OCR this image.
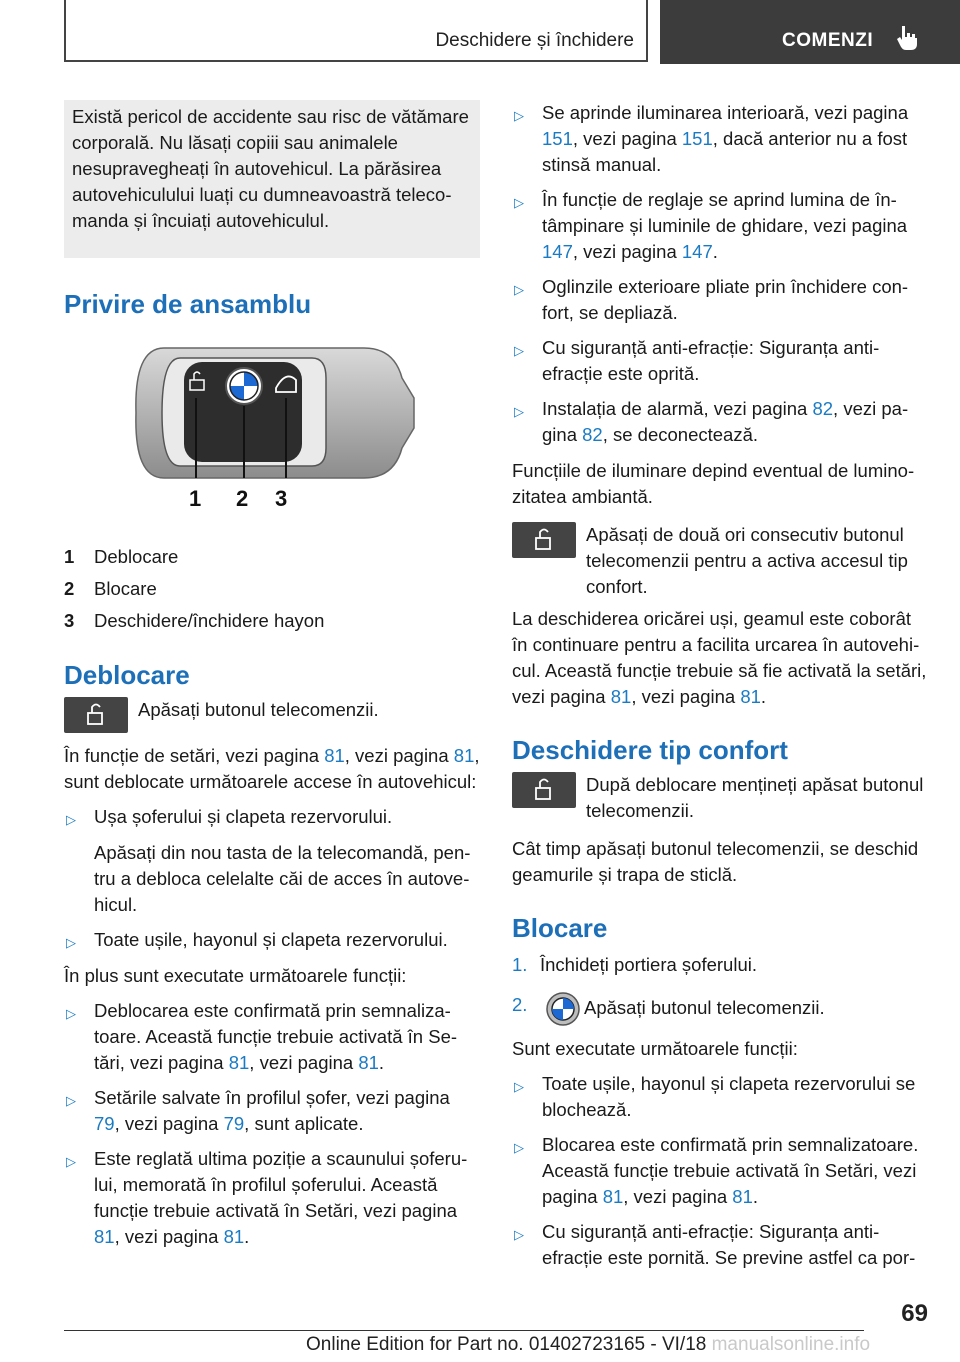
Deschidere și închidere	COMENZI
Există pericol de accidente sau risc de vătămare corporală. Nu lăsați copiii sau animalele nesupravegheați în autovehicul. La părăsirea autovehiculului luați cu dumneavoastră telecomanda și încuiați autovehiculul.
Privire de ansamblu
1 2 3
1	Deblocare
2	Blocare
3	Deschidere/închidere hayon
Deblocare
Apăsați butonul telecomenzii.

În funcție de setări, vezi pagina 81, vezi pagina 81, sunt deblocate următoarele accese în autovehicul:

▷ Ușa șoferului și clapeta rezervorului.

Apăsați din nou tasta de la telecomandă, pentru a debloca celelalte căi de acces în autovehicul.

▷ Toate ușile, hayonul și clapeta rezervorului.

În plus sunt executate următoarele funcții:

▷ Deblocarea este confirmată prin semnalizatoare. Această funcție trebuie activată în Setări, vezi pagina 81, vezi pagina 81.
▷ Setările salvate în profilul șofer, vezi pagina 79, vezi pagina 79, sunt aplicate.
▷ Este reglată ultima poziție a scaunului șoferului, memorată în profilul șoferului. Această funcție trebuie activată în Setări, vezi pagina 81, vezi pagina 81.
▷ Se aprinde iluminarea interioară, vezi pagina 151, vezi pagina 151, dacă anterior nu a fost stinsă manual.
▷ În funcție de reglaje se aprind lumina de întâmpinare și luminile de ghidare, vezi pagina 147, vezi pagina 147.
▷ Oglinzile exterioare pliate prin închidere confort, se depliază.
▷ Cu siguranță anti-efracție: Siguranța antiefracție este oprită.
▷ Instalația de alarmă, vezi pagina 82, vezi pagina 82, se deconectează.

Funcțiile de iluminare depind eventual de luminozitatea ambiantă.

Apăsați de două ori consecutiv butonul telecomenzii pentru a activa accesul tip confort.

La deschiderea oricărei uși, geamul este coborât în continuare pentru a facilita urcarea în autovehicul. Această funcție trebuie să fie activată la setări, vezi pagina 81, vezi pagina 81.

Deschidere tip confort
După deblocare mențineți apăsat butonul telecomenzii.

Cât timp apăsați butonul telecomenzii, se deschid geamurile și trapa de sticlă.

Blocare
1. Închideți portiera șoferului.
2.	Apăsați butonul telecomenzii.

Sunt executate următoarele funcții:

▷ Toate ușile, hayonul și clapeta rezervorului se blochează.
▷ Blocarea este confirmată prin semnalizatoare. Această funcție trebuie activată în Setări, vezi pagina 81, vezi pagina 81.
▷ Cu siguranță anti-efracție: Siguranța antiefracție este pornită. Se previne astfel ca por-
69
Online Edition for Part no. 01402723165 - VI/18 manualsonline.info
